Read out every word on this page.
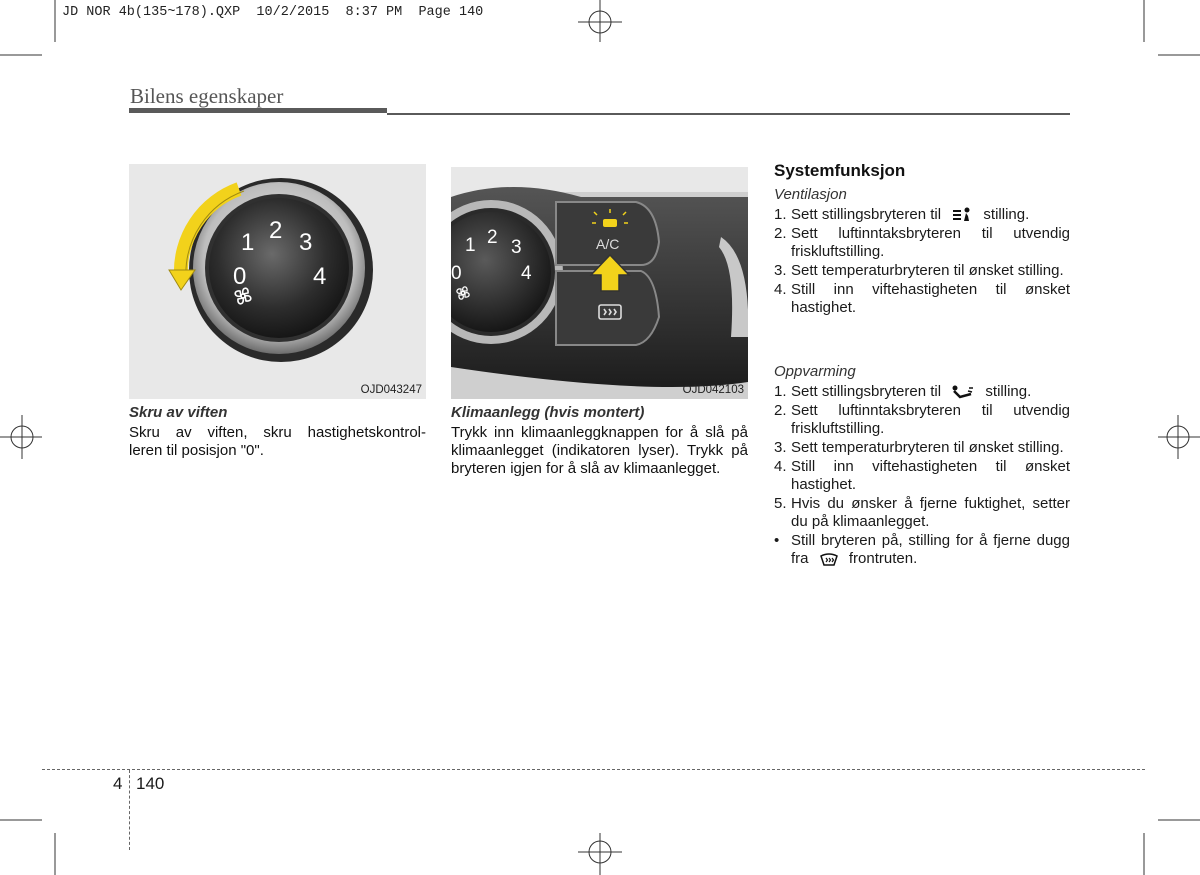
JD NOR 4b(135~178).QXP  10/2/2015  8:37 PM  Page 140
Bilens egenskaper
0
1 2 3
4
OJD043247
0
1 2 3
4
A/C
OJD042103
Skru av viften
Skru av viften, skru hastighetskontrol-
leren til posisjon "0".
Klimaanlegg (hvis montert)
Trykk inn klimaanleggknappen for å slå på klimaanlegget (indikatoren lyser). Trykk på bryteren igjen for å slå av klimaanlegget.
Systemfunksjon
Ventilasjon
1. Sett stillingsbryteren til	stilling.
2. Sett luftinntaksbryteren til utvendig friskluftstilling.
3. Sett temperaturbryteren til ønsket stilling.
4. Still inn viftehastigheten til ønsket hastighet.
Oppvarming
1. Sett stillingsbryteren til	stilling.
2. Sett luftinntaksbryteren til utvendig friskluftstilling.
3. Sett temperaturbryteren til ønsket stilling.
4. Still inn viftehastigheten til ønsket hastighet.
5. Hvis du ønsker å fjerne fuktighet, setter du på klimaanlegget.
• Still bryteren på, stilling for å fjerne dugg fra	frontruten.
4 140
